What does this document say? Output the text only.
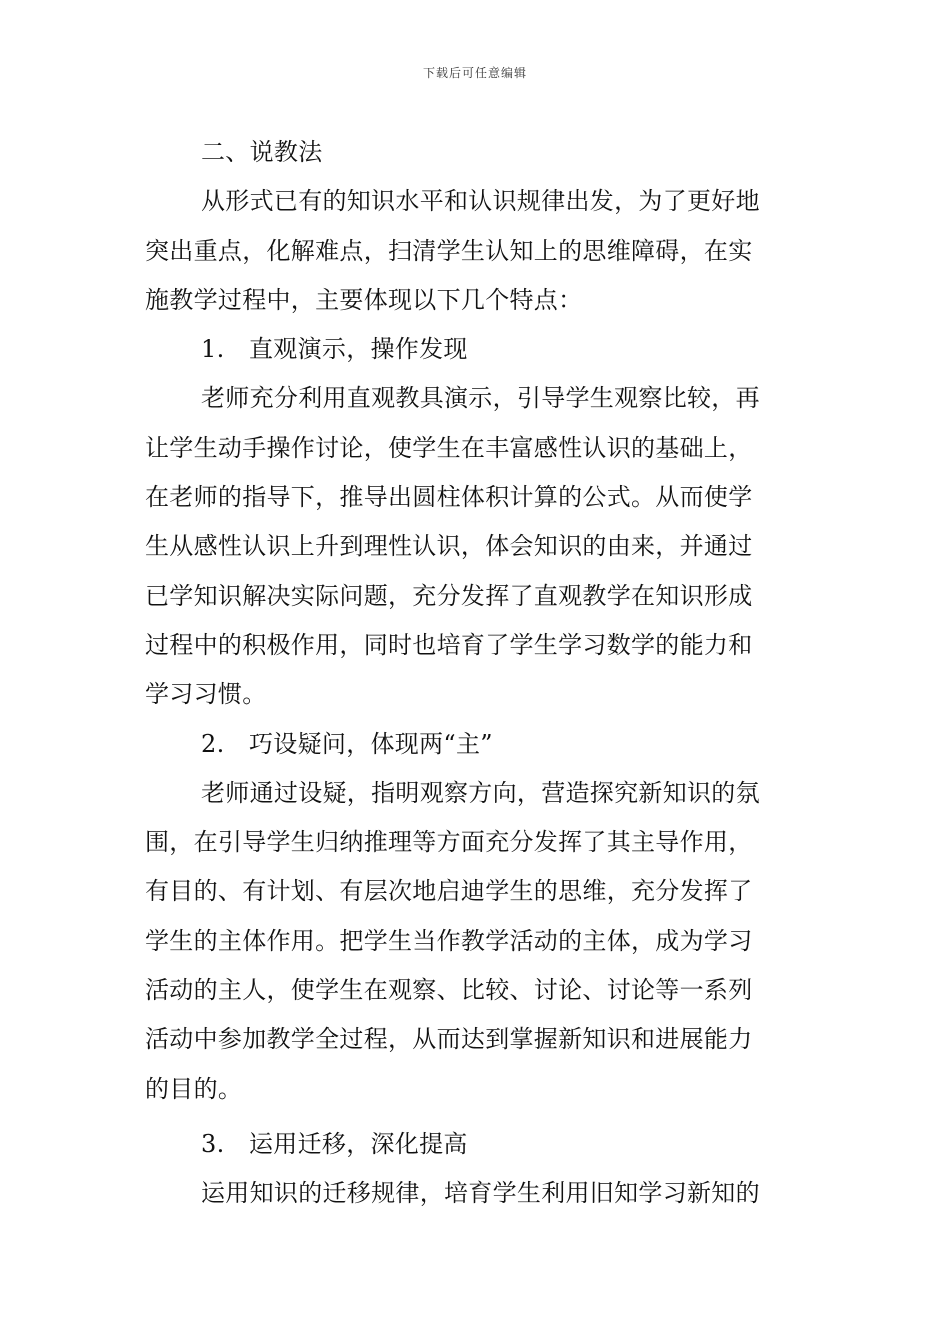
下载后可任意编辑
二、说教法
从形式已有的知识水平和认识规律出发，为了更好地
突出重点，化解难点，扫清学生认知上的思维障碍，在实
施教学过程中，主要体现以下几个特点：
1. 直观演示，操作发现
老师充分利用直观教具演示，引导学生观察比较，再
让学生动手操作讨论，使学生在丰富感性认识的基础上，
在老师的指导下，推导出圆柱体积计算的公式。从而使学
生从感性认识上升到理性认识，体会知识的由来，并通过
已学知识解决实际问题，充分发挥了直观教学在知识形成
过程中的积极作用，同时也培育了学生学习数学的能力和
学习习惯。
2. 巧设疑问，体现两“主”
老师通过设疑，指明观察方向，营造探究新知识的氛
围，在引导学生归纳推理等方面充分发挥了其主导作用，
有目的、有计划、有层次地启迪学生的思维，充分发挥了
学生的主体作用。把学生当作教学活动的主体，成为学习
活动的主人，使学生在观察、比较、讨论、讨论等一系列
活动中参加教学全过程，从而达到掌握新知识和进展能力
的目的。
3. 运用迁移，深化提高
运用知识的迁移规律，培育学生利用旧知学习新知的
